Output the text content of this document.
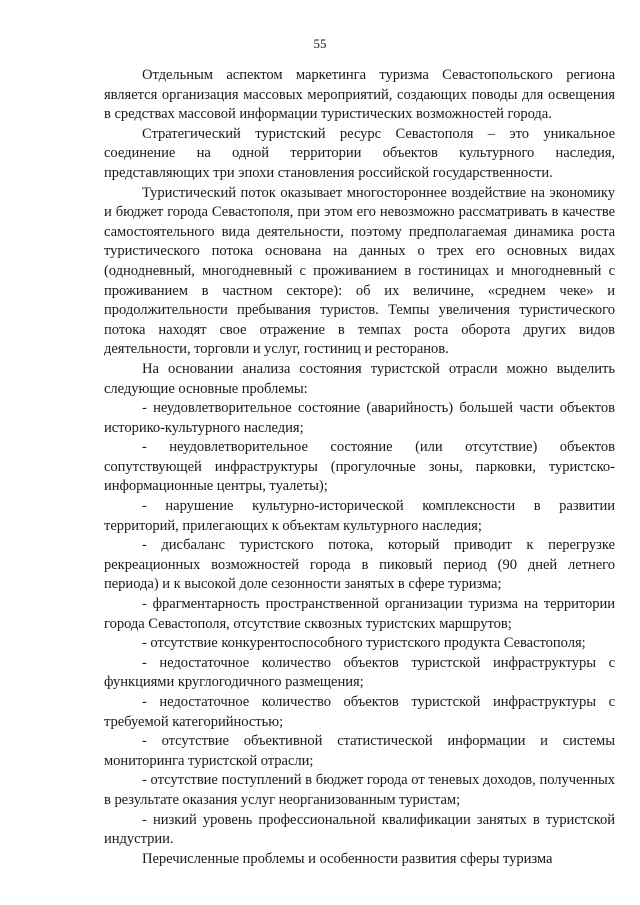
55

Отдельным аспектом маркетинга туризма Севастопольского региона является организация массовых мероприятий, создающих поводы для освещения в средствах массовой информации туристических возможностей города.

Стратегический туристский ресурс Севастополя – это уникальное соединение на одной территории объектов культурного наследия, представляющих три эпохи становления российской государственности.

Туристический поток оказывает многостороннее воздействие на экономику и бюджет города Севастополя, при этом его невозможно рассматривать в качестве самостоятельного вида деятельности, поэтому предполагаемая динамика роста туристического потока основана на данных о трех его основных видах (однодневный, многодневный с проживанием в гостиницах и многодневный с проживанием в частном секторе): об их величине, «среднем чеке» и продолжительности пребывания туристов. Темпы увеличения туристического потока находят свое отражение в темпах роста оборота других видов деятельности, торговли и услуг, гостиниц и ресторанов.

На основании анализа состояния туристской отрасли можно выделить следующие основные проблемы:

- неудовлетворительное состояние (аварийность) большей части объектов историко-культурного наследия;

- неудовлетворительное состояние (или отсутствие) объектов сопутствующей инфраструктуры (прогулочные зоны, парковки, туристско-информационные центры, туалеты);

- нарушение культурно-исторической комплексности в развитии территорий, прилегающих к объектам культурного наследия;

- дисбаланс туристского потока, который приводит к перегрузке рекреационных возможностей города в пиковый период (90 дней летнего периода) и к высокой доле сезонности занятых в сфере туризма;

- фрагментарность пространственной организации туризма на территории города Севастополя, отсутствие сквозных туристских маршрутов;

- отсутствие конкурентоспособного туристского продукта Севастополя;

- недостаточное количество объектов туристской инфраструктуры с функциями круглогодичного размещения;

- недостаточное количество объектов туристской инфраструктуры с требуемой категорийностью;

- отсутствие объективной статистической информации и системы мониторинга туристской отрасли;

- отсутствие поступлений в бюджет города от теневых доходов, полученных в результате оказания услуг неорганизованным туристам;

- низкий уровень профессиональной квалификации занятых в туристской индустрии.

Перечисленные проблемы и особенности развития сферы туризма
